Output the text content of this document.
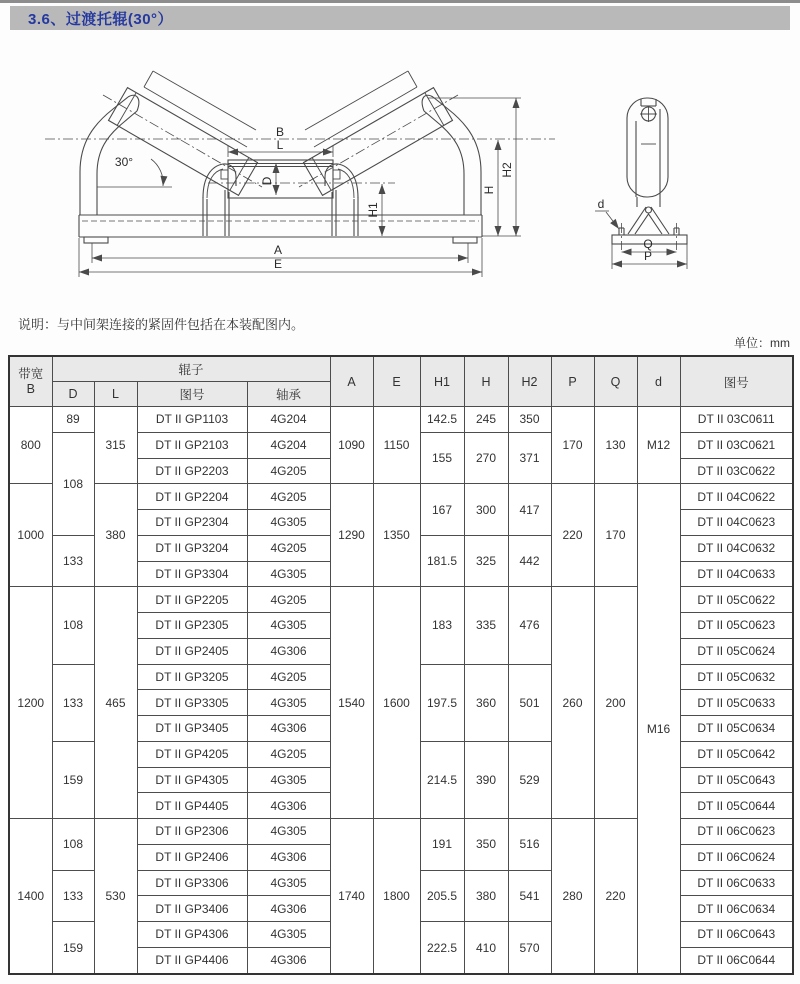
3.6、过渡托辊(30°）
30°
B
L
D
H1
H
H2
A
E
d
Q
P
说明：与中间架连接的紧固件包括在本装配图内。
单位：mm
带宽
B	辊子				A	E	H1	H	H2	P	Q	d	图号
	D	L	图号	轴承									
800	89	315	DT II GP1103	4G204	1090	1150	142.5	245	350	170	130	M12	DT II 03C0611
	108		DT II GP2103	4G204			155	270	371				DT II 03C0621
			DT II GP2203	4G205									DT II 03C0622
1000		380	DT II GP2204	4G205	1290	1350	167	300	417	220	170	M16	DT II 04C0622
			DT II GP2304	4G305									DT II 04C0623
	133		DT II GP3204	4G205			181.5	325	442				DT II 04C0632
			DT II GP3304	4G305									DT II 04C0633
1200	108	465	DT II GP2205	4G205	1540	1600	183	335	476	260	200		DT II 05C0622
			DT II GP2305	4G305									DT II 05C0623
			DT II GP2405	4G306									DT II 05C0624
	133		DT II GP3205	4G205			197.5	360	501				DT II 05C0632
			DT II GP3305	4G305									DT II 05C0633
			DT II GP3405	4G306									DT II 05C0634
	159		DT II GP4205	4G205			214.5	390	529				DT II 05C0642
			DT II GP4305	4G305									DT II 05C0643
			DT II GP4405	4G306									DT II 05C0644
1400	108	530	DT II GP2306	4G305	1740	1800	191	350	516	280	220		DT II 06C0623
			DT II GP2406	4G306									DT II 06C0624
	133		DT II GP3306	4G305			205.5	380	541				DT II 06C0633
			DT II GP3406	4G306									DT II 06C0634
	159		DT II GP4306	4G305			222.5	410	570				DT II 06C0643
			DT II GP4406	4G306									DT II 06C0644
